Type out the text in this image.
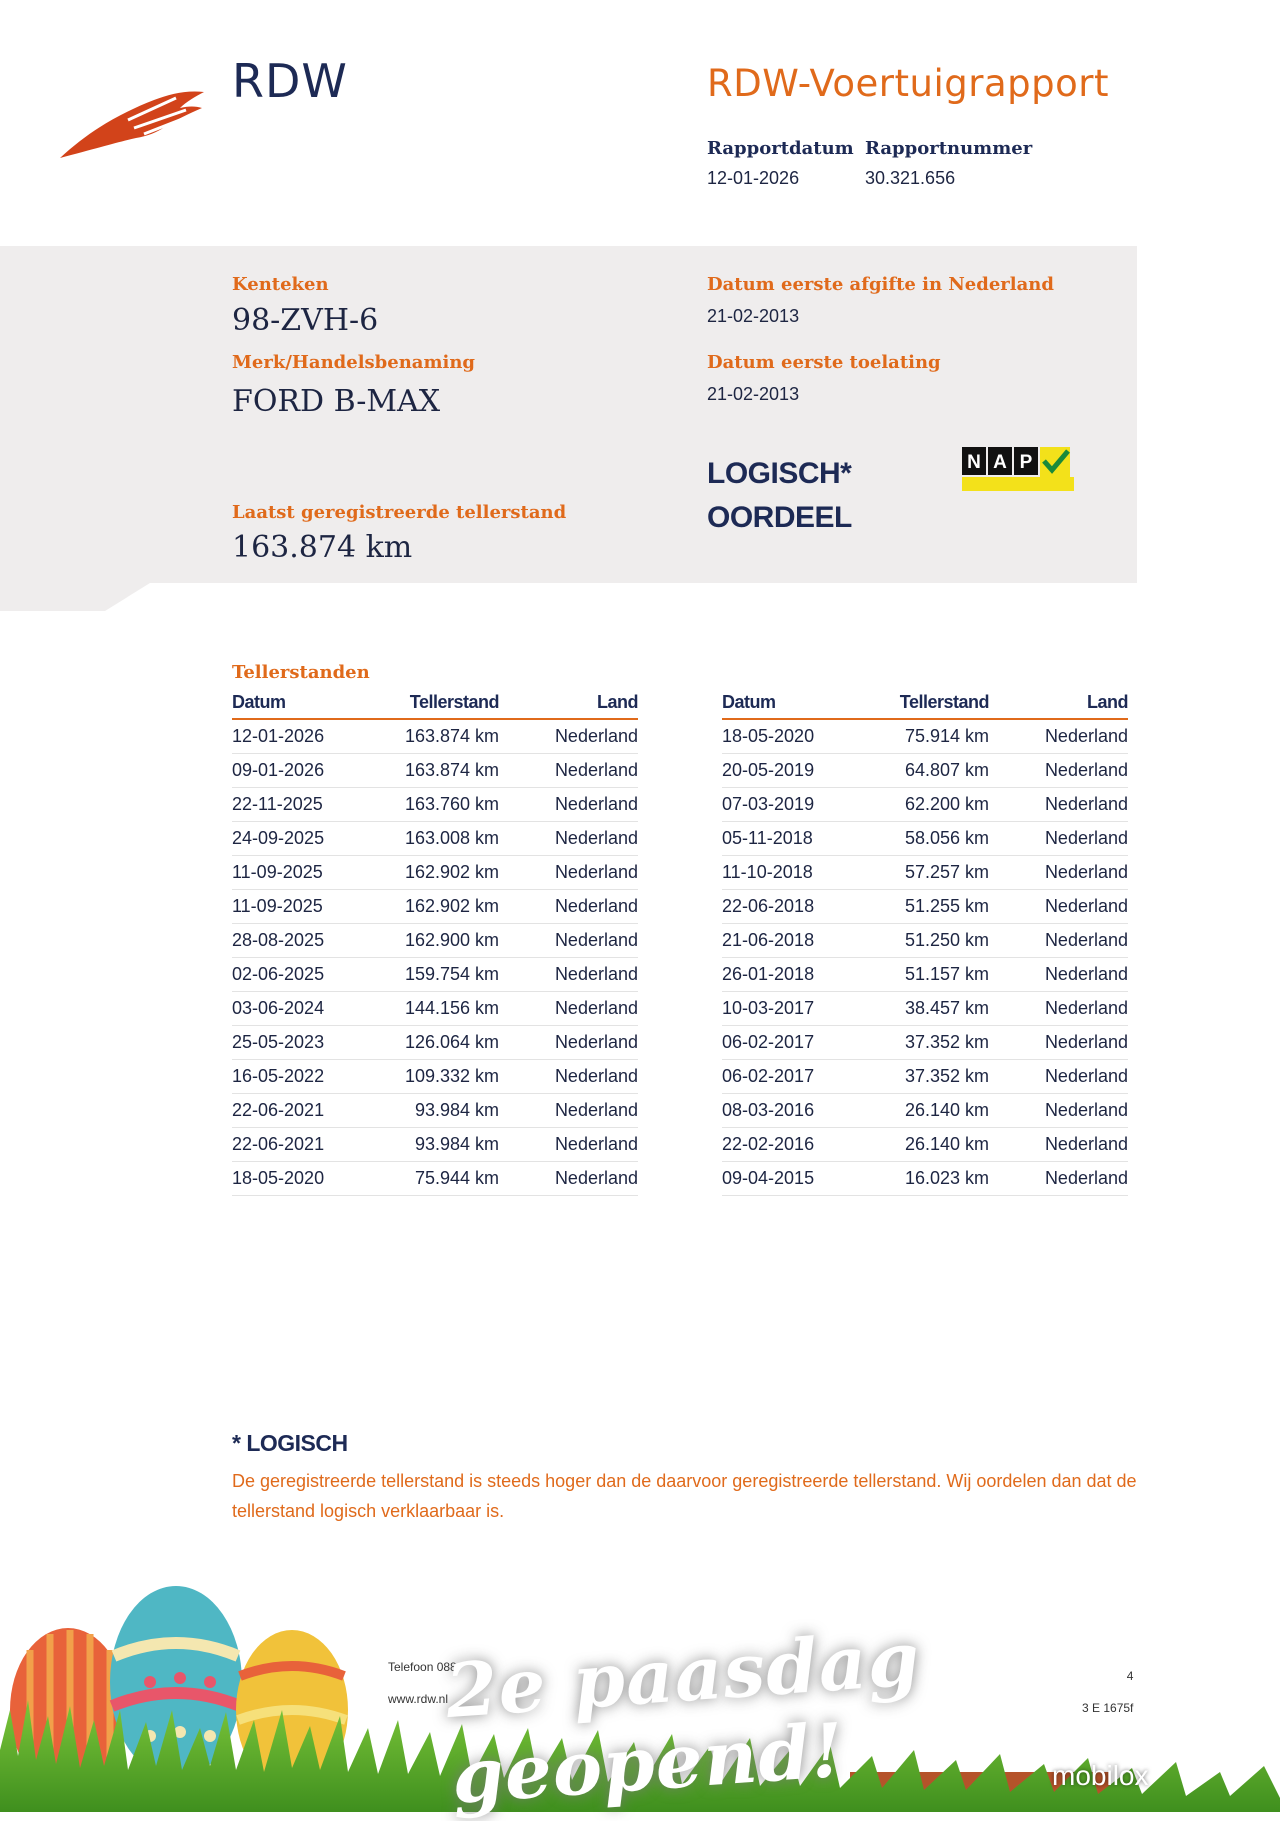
RDW	RDW-Voertuigrapport
Rapportdatum Rapportnummer
12-01-2026	30.321.656
Kenteken
98-ZVH-6
Merk/Handelsbenaming
FORD B-MAX
Laatst geregistreerde tellerstand
163.874 km
Datum eerste afgifte in Nederland
21-02-2013
Datum eerste toelating
21-02-2013
LOGISCH*
OORDEEL
N A P
Tellerstanden
Datum	Tellerstand	Land
12-01-2026	163.874 km	Nederland
09-01-2026	163.874 km	Nederland
22-11-2025	163.760 km	Nederland
24-09-2025	163.008 km	Nederland
11-09-2025	162.902 km	Nederland
11-09-2025	162.902 km	Nederland
28-08-2025	162.900 km	Nederland
02-06-2025	159.754 km	Nederland
03-06-2024	144.156 km	Nederland
25-05-2023	126.064 km	Nederland
16-05-2022	109.332 km	Nederland
22-06-2021	93.984 km	Nederland
22-06-2021	93.984 km	Nederland
18-05-2020	75.944 km	Nederland
Datum	Tellerstand	Land
18-05-2020	75.914 km	Nederland
20-05-2019	64.807 km	Nederland
07-03-2019	62.200 km	Nederland
05-11-2018	58.056 km	Nederland
11-10-2018	57.257 km	Nederland
22-06-2018	51.255 km	Nederland
21-06-2018	51.250 km	Nederland
26-01-2018	51.157 km	Nederland
10-03-2017	38.457 km	Nederland
06-02-2017	37.352 km	Nederland
06-02-2017	37.352 km	Nederland
08-03-2016	26.140 km	Nederland
22-02-2016	26.140 km	Nederland
09-04-2015	16.023 km	Nederland
* LOGISCH
De geregistreerde tellerstand is steeds hoger dan de daarvoor geregistreerde tellerstand. Wij oordelen dan dat de tellerstand logisch verklaarbaar is.
Telefoon 088
www.rdw.nl
4
3 E 1675f
2e paasdag geopend!	mobilox
